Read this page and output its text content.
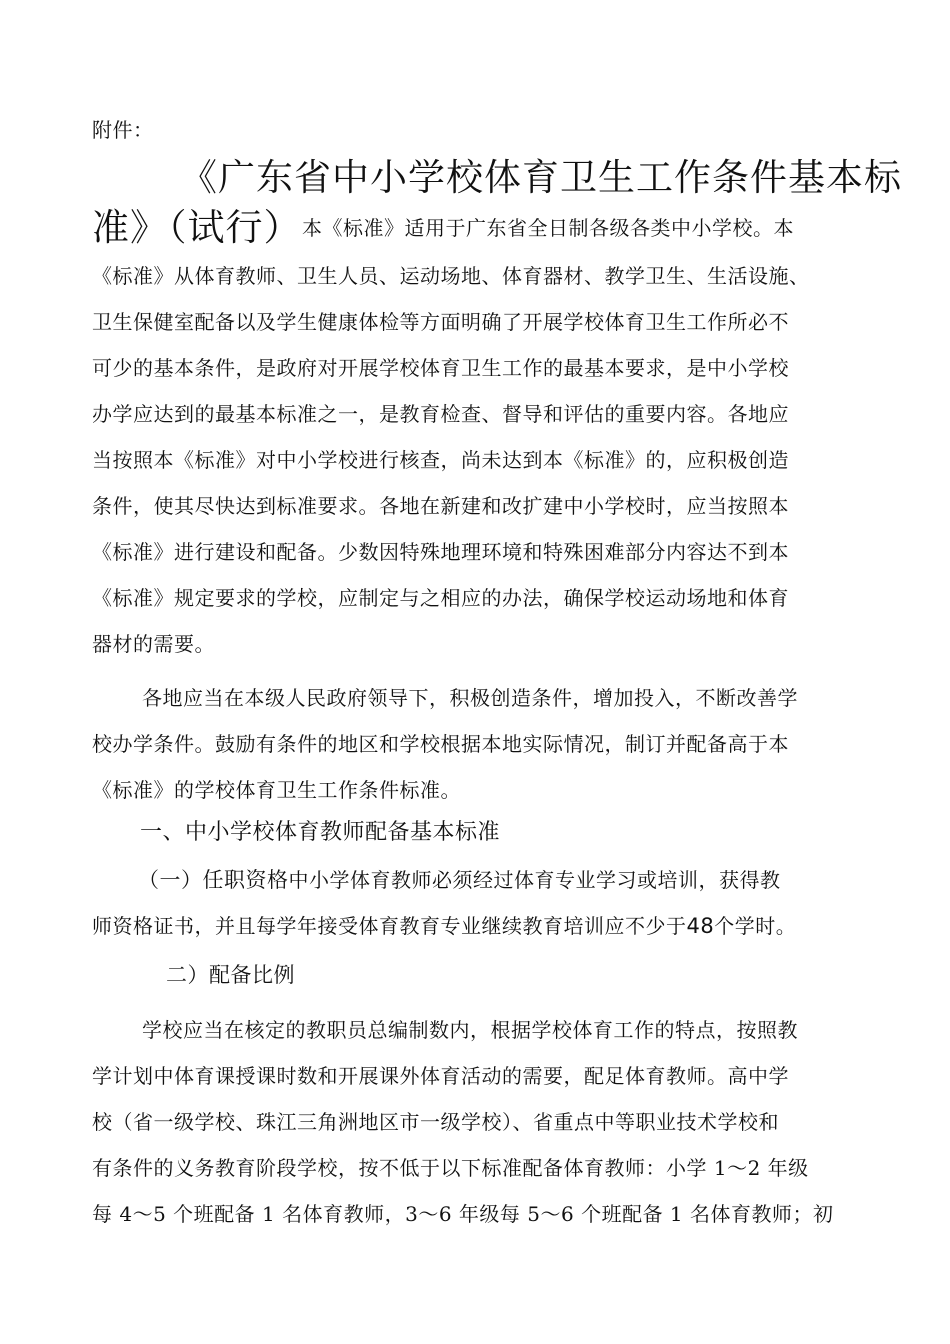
附件：
《广东省中小学校体育卫生工作条件基本标
准》（试行） 本《标准》适用于广东省全日制各级各类中小学校。本
《标准》从体育教师、卫生人员、运动场地、体育器材、教学卫生、生活设施、
卫生保健室配备以及学生健康体检等方面明确了开展学校体育卫生工作所必不
可少的基本条件，是政府对开展学校体育卫生工作的最基本要求，是中小学校
办学应达到的最基本标准之一，是教育检查、督导和评估的重要内容。各地应
当按照本《标准》对中小学校进行核查，尚未达到本《标准》的，应积极创造
条件，使其尽快达到标准要求。各地在新建和改扩建中小学校时，应当按照本
《标准》进行建设和配备。少数因特殊地理环境和特殊困难部分内容达不到本
《标准》规定要求的学校，应制定与之相应的办法，确保学校运动场地和体育
器材的需要。
各地应当在本级人民政府领导下，积极创造条件，增加投入，不断改善学
校办学条件。鼓励有条件的地区和学校根据本地实际情况，制订并配备高于本
《标准》的学校体育卫生工作条件标准。
一、中小学校体育教师配备基本标准
（一）任职资格中小学体育教师必须经过体育专业学习或培训，获得教
师资格证书，并且每学年接受体育教育专业继续教育培训应不少于48个学时。
二）配备比例
学校应当在核定的教职员总编制数内，根据学校体育工作的特点，按照教
学计划中体育课授课时数和开展课外体育活动的需要，配足体育教师。高中学
校（省一级学校、珠江三角洲地区市一级学校）、省重点中等职业技术学校和
有条件的义务教育阶段学校，按不低于以下标准配备体育教师：小学 1～2 年级
每 4～5 个班配备 1 名体育教师，3～6 年级每 5～6 个班配备 1 名体育教师；初
